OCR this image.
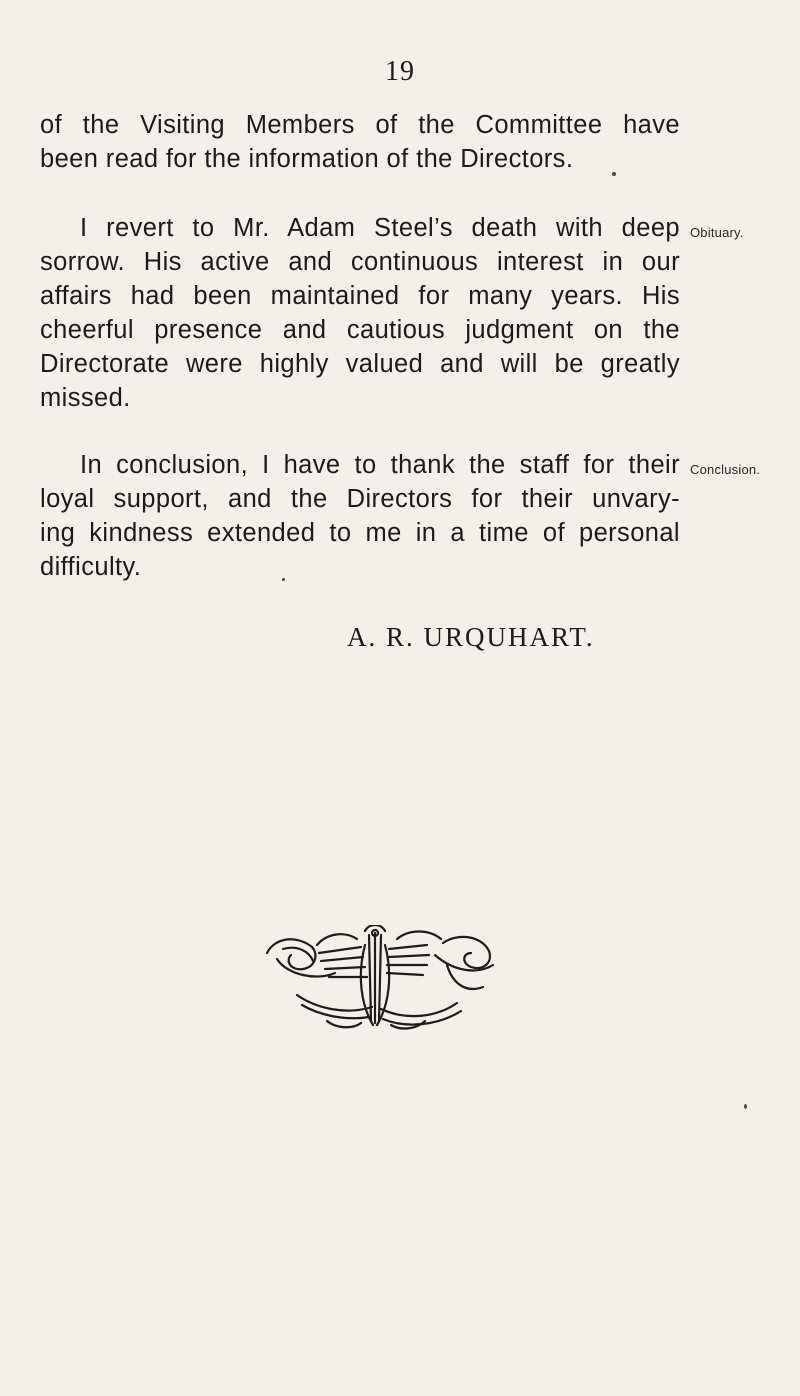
19
of the Visiting Members of the Committee have
been read for the information of the Directors.
I revert to Mr. Adam Steel’s death with deep
sorrow. His active and continuous interest in our
affairs had been maintained for many years. His
cheerful presence and cautious judgment on the
Directorate were highly valued and will be greatly
missed.
In conclusion, I have to thank the staff for their
loyal support, and the Directors for their unvary-
ing kindness extended to me in a time of personal
difficulty.
Obituary.
Conclusion.
A. R. URQUHART.
